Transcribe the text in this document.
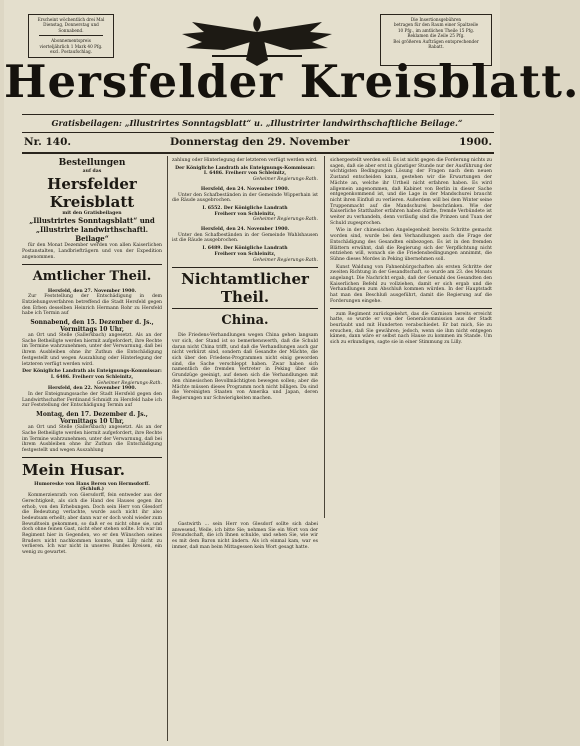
Erscheint wöchentlich drei Mal
Dienstag, Donnerstag und Sonnabend.
Abonnementspreis
vierteljährlich 1 Mark 40 Pfg.
excl. Postaufschlag.
Die Insertionsgebühren
betragen für den Raum einer Spaltzeile
10 Pfg., im amtlichen Theile 15 Pfg.
Reklamen die Zeile 25 Pfg.
Bei größeren Aufträgen entsprechender
Rabatt.
Hersfelder Kreisblatt.
Gratisbeilagen: „Illustrirtes Sonntagsblatt“ u. „Illustrirter landwirthschaftliche Beilage.“
Nr. 140.	Donnerstag den 29. November	1900.
Bestellungen
auf das
Hersfelder Kreisblatt
mit den Gratisbeilagen
„Illustrirtes Sonntagsblatt“ und
„Illustrirte landwirthschaftl. Beilage“

für den Monat Dezember werden von allen Kaiserlichen Postanstalten, Landbriefträgern und von der Expedition angenommen.

Amtlicher Theil.
Hersfeld, den 27. November 1900.

Zur Feststellung der Entschädigung in dem Entziehungsverfahren betreffend die Stadt Hersfeld gegen den Erben desselben Heinrich Hermann Rohr zu Hersfeld habe ich Termin auf

Sonnabend, den 15. Dezember d. Js., Vormittags 10 Uhr,

an Ort und Stelle (Sallersbach) angesetzt. Als an der Sache Betheiligte werden hiermit aufgefordert, ihre Rechte im Termine wahrzunehmen, unter der Verwarnung, daß bei ihrem Ausbleiben ohne ihr Zuthun die Entschädigung festgestellt und wegen Auszahlung oder Hinterlegung der letzteren verfügt werden wird.

Der Königliche Landrath als Enteignungs-Kommissar:
I. 6486. Freiherr von Schleinitz,
Geheimer Regierungs-Rath.
Hersfeld, den 22. November 1900.

In der Enteignungssache der Stadt Hersfeld gegen den Landwirthschafter Ferdinand Schmidt zu Hersfeld habe ich zur Feststellung der Entschädigung Termin auf

Montag, den 17. Dezember d. Js., Vormittags 10 Uhr,

an Ort und Stelle (Sallersbach) angesetzt. Als an der Sache Betheiligte werden hiermit aufgefordert, ihre Rechte im Termine wahrzunehmen, unter der Verwarnung, daß bei ihrem Ausbleiben ohne ihr Zuthun die Entschädigung festgestellt und wegen Auszahlung

Mein Husar.
Humoreske von Hans Beren von Hermsdorff. (Schluß.)

Kommerzienrath von Giersdorff, fein entweder aus der Gerechtigkeit, als sich die Hand des Hauses gegen ihn erhob, von den Erhebungen. Doch sein Herr von Glesdorf die Bedeutung verlachte, wurde auch nicht ihr also bedeutsam erhellt; aber dann war er doch wohl wieder zum Bewußtsein gekommen, so daß er es nicht ohne sie, und doch ohne feinen Gast, nicht eher stehen sollte. Ich war im Regiment hier in Gegenden, wo er den Wünschen seines Bruders nicht nachkommen konnte, um Lilly nicht zu verlieren. Ich war nicht in unseres Bundes Kreisen, ein wenig zu gewartet.

zahlung oder Hinterlegung der letzteren verfügt werden wird.

Der Königliche Landrath als Enteignungs-Kommissar:
I. 6486. Freiherr von Schleinitz,
Geheimer Regierungs-Rath.
Hersfeld, den 24. November 1900.

Unter den Schafbeständen in der Gemeinde Wipperhain ist die Räude ausgebrochen.

I. 6552. Der Königliche Landrath
Freiherr von Schleinitz,
Geheimer Regierungs-Rath.
Hersfeld, den 24. November 1900.

Unter den Schafbeständen in der Gemeinde Wahlshausen ist die Räude ausgebrochen.

I. 6489. Der Königliche Landrath
Freiherr von Schleinitz,
Geheimer Regierungs-Rath.
Nichtamtlicher Theil.
China.

Die Friedens-Verhandlungen wegen China gehen langsam vor sich, der Stand ist so bemerkenswerth, daß die Schuld daran nicht China trifft, und daß die Verhandlungen auch gar nicht verkürzt sind, sondern daß Gesandte der Mächte, die sich über den Friedens-Programmen nicht einig geworden sind, die Sache verschleppt haben. Zwar haben sich namentlich die fremden Vertreter in Peking über die Grundzüge geeinigt, auf denen sich die Verhandlungen mit den chinesischen Bevollmächtigten bewegen sollen; aber die Mächte müssen dieses Programm noch nicht billigen. Da sind die Vereinigten Staaten von Amerika und Japan, deren Regierungen nur Schwierigkeiten machen.

sichergestellt werden soll. Es ist nicht gegen die Forderung nichts zu sagen, daß sie aber erst in günstiger Stunde nur der Ausführung der wichtigsten Bedingungen Lösung der Fragen nach dem neuen Zustand entscheiden kann, gestehen wir die Erwartungen der Mächte an, welche ihr Urtheil nicht erfahren haben. Es wird allgemein angenommen, daß Kabinet von Berlin in dieser Sache entgegenkommend ist, und die Lage in der Mandschurei braucht nicht ihren Einfluß zu verlieren. Außerdem will bei dem Winter seine Truppenmacht auf die Mandschurei beschränken. Wie der Kaiserliche Statthalter erfahren haben dürfte, fremde Verbündete ist weiter zu verhandeln, denn vorläufig sind die Prinzen und Tuan der Schuld zugesprochen.

Wie in der chinesischen Angelegenheit bereits Schritte gemacht worden sind, wurde bei den Verhandlungen auch die Frage der Entschädigung des Gesandten einbezogen. Es ist in den fremden Blättern erwähnt, daß die Regierung sich der Verpflichtung nicht entziehen will, wonach sie die Friedensbedingungen annimmt, die Sühne dieses Mordes in Peking übernehmen soll.

Kunst Waldung von Fahnenbürgschaften als ersten Schritte der zweiten Richtung in der Gesandtschaft, so wurde am 23. des Monats angelangt. Die Nachricht ergab, daß der Gemahl des Gesandten den Kaiserlichen Befehl zu vollziehen, damit er sich ergab und die Verhandlungen zum Abschluß kommen würden. In der Hauptstadt hat man den Beschluß ausgeführt, damit die Regierung auf die Forderungen eingehe.

zum Regiment zurückgekehrt, das die Garnison bereits erreicht hatte, so wurde er von der Generalcommission aus der Stadt beurlaubt und mit Hunderten verabschiedet. Er bat mich, Sie zu ersuchen, daß Sie gewähren; jedoch, wenn sie ihm nicht entgegen kämen, dann wäre er selbst nach Hause zu kommen im Stande. Um sich zu erkundigen, sagte sie in einer Stimmung zu Lilly.

Gastwirth ... sein Herr von Glesdorf sollte sich dabei anwesend, Weile, ich bitte Sie; nehmen Sie ein Wort von der Freundschaft, die ich Ihnen schulde, und sehen Sie, wie wir es mit dem Baron nicht ändern. Als ich einmal kam, war es immer, daß man beim Mittagessen kein Wort gesagt hatte.
